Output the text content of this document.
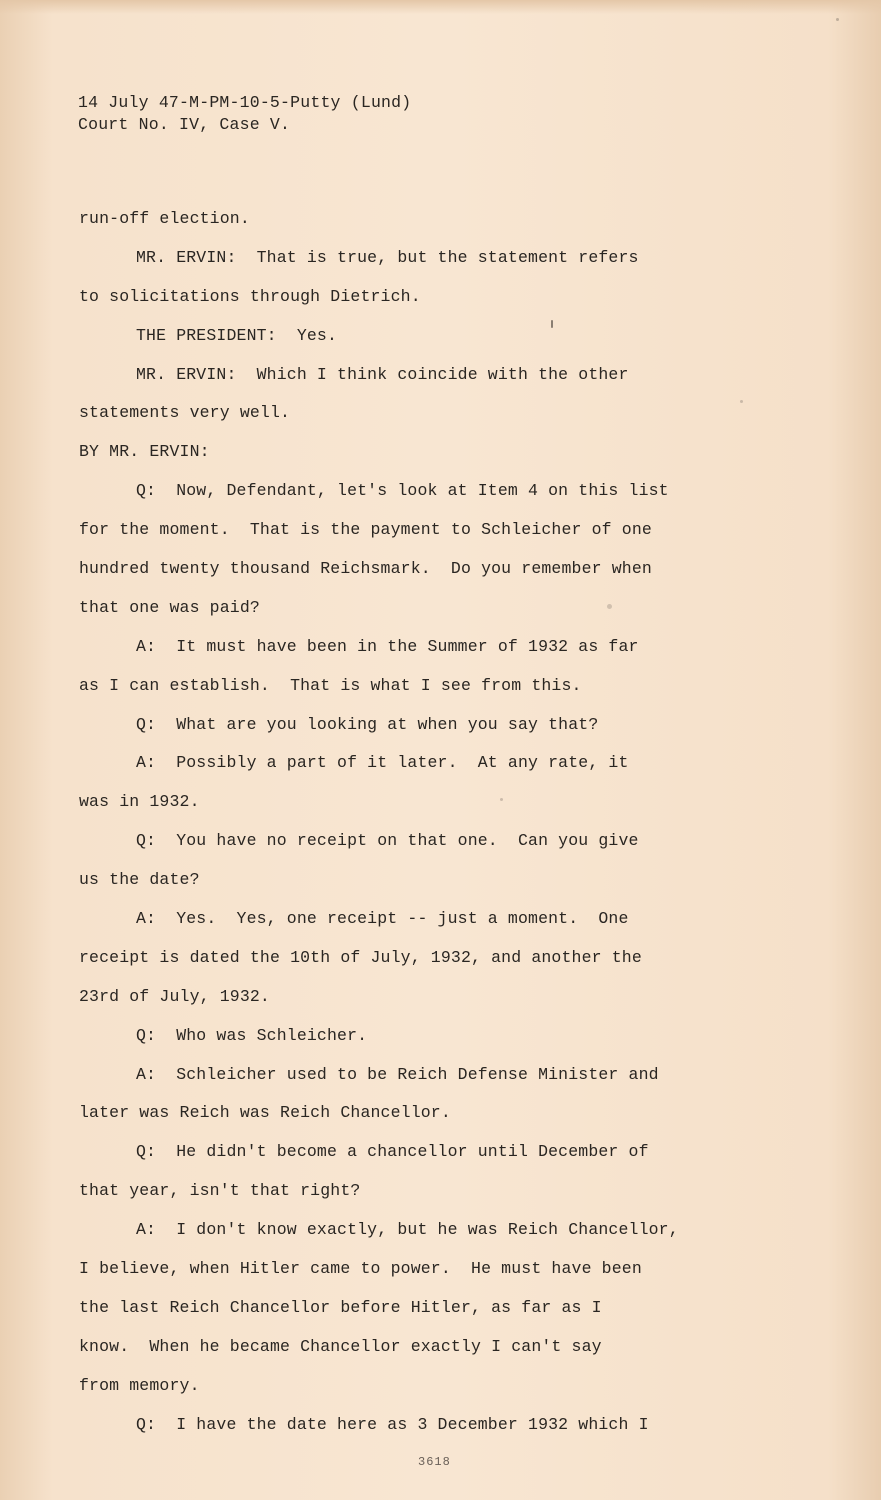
14 July 47-M-PM-10-5-Putty (Lund)
Court No. IV, Case V.
run-off election.
MR. ERVIN:  That is true, but the statement refers
to solicitations through Dietrich.
THE PRESIDENT:  Yes.
MR. ERVIN:  Which I think coincide with the other
statements very well.
BY MR. ERVIN:
Q:  Now, Defendant, let's look at Item 4 on this list
for the moment.  That is the payment to Schleicher of one
hundred twenty thousand Reichsmark.  Do you remember when
that one was paid?
A:  It must have been in the Summer of 1932 as far
as I can establish.  That is what I see from this.
Q:  What are you looking at when you say that?
A:  Possibly a part of it later.  At any rate, it
was in 1932.
Q:  You have no receipt on that one.  Can you give
us the date?
A:  Yes.  Yes, one receipt -- just a moment.  One
receipt is dated the 10th of July, 1932, and another the
23rd of July, 1932.
Q:  Who was Schleicher.
A:  Schleicher used to be Reich Defense Minister and
later was Reich was Reich Chancellor.
Q:  He didn't become a chancellor until December of
that year, isn't that right?
A:  I don't know exactly, but he was Reich Chancellor,
I believe, when Hitler came to power.  He must have been
the last Reich Chancellor before Hitler, as far as I
know.  When he became Chancellor exactly I can't say
from memory.
Q:  I have the date here as 3 December 1932 which I
3618
